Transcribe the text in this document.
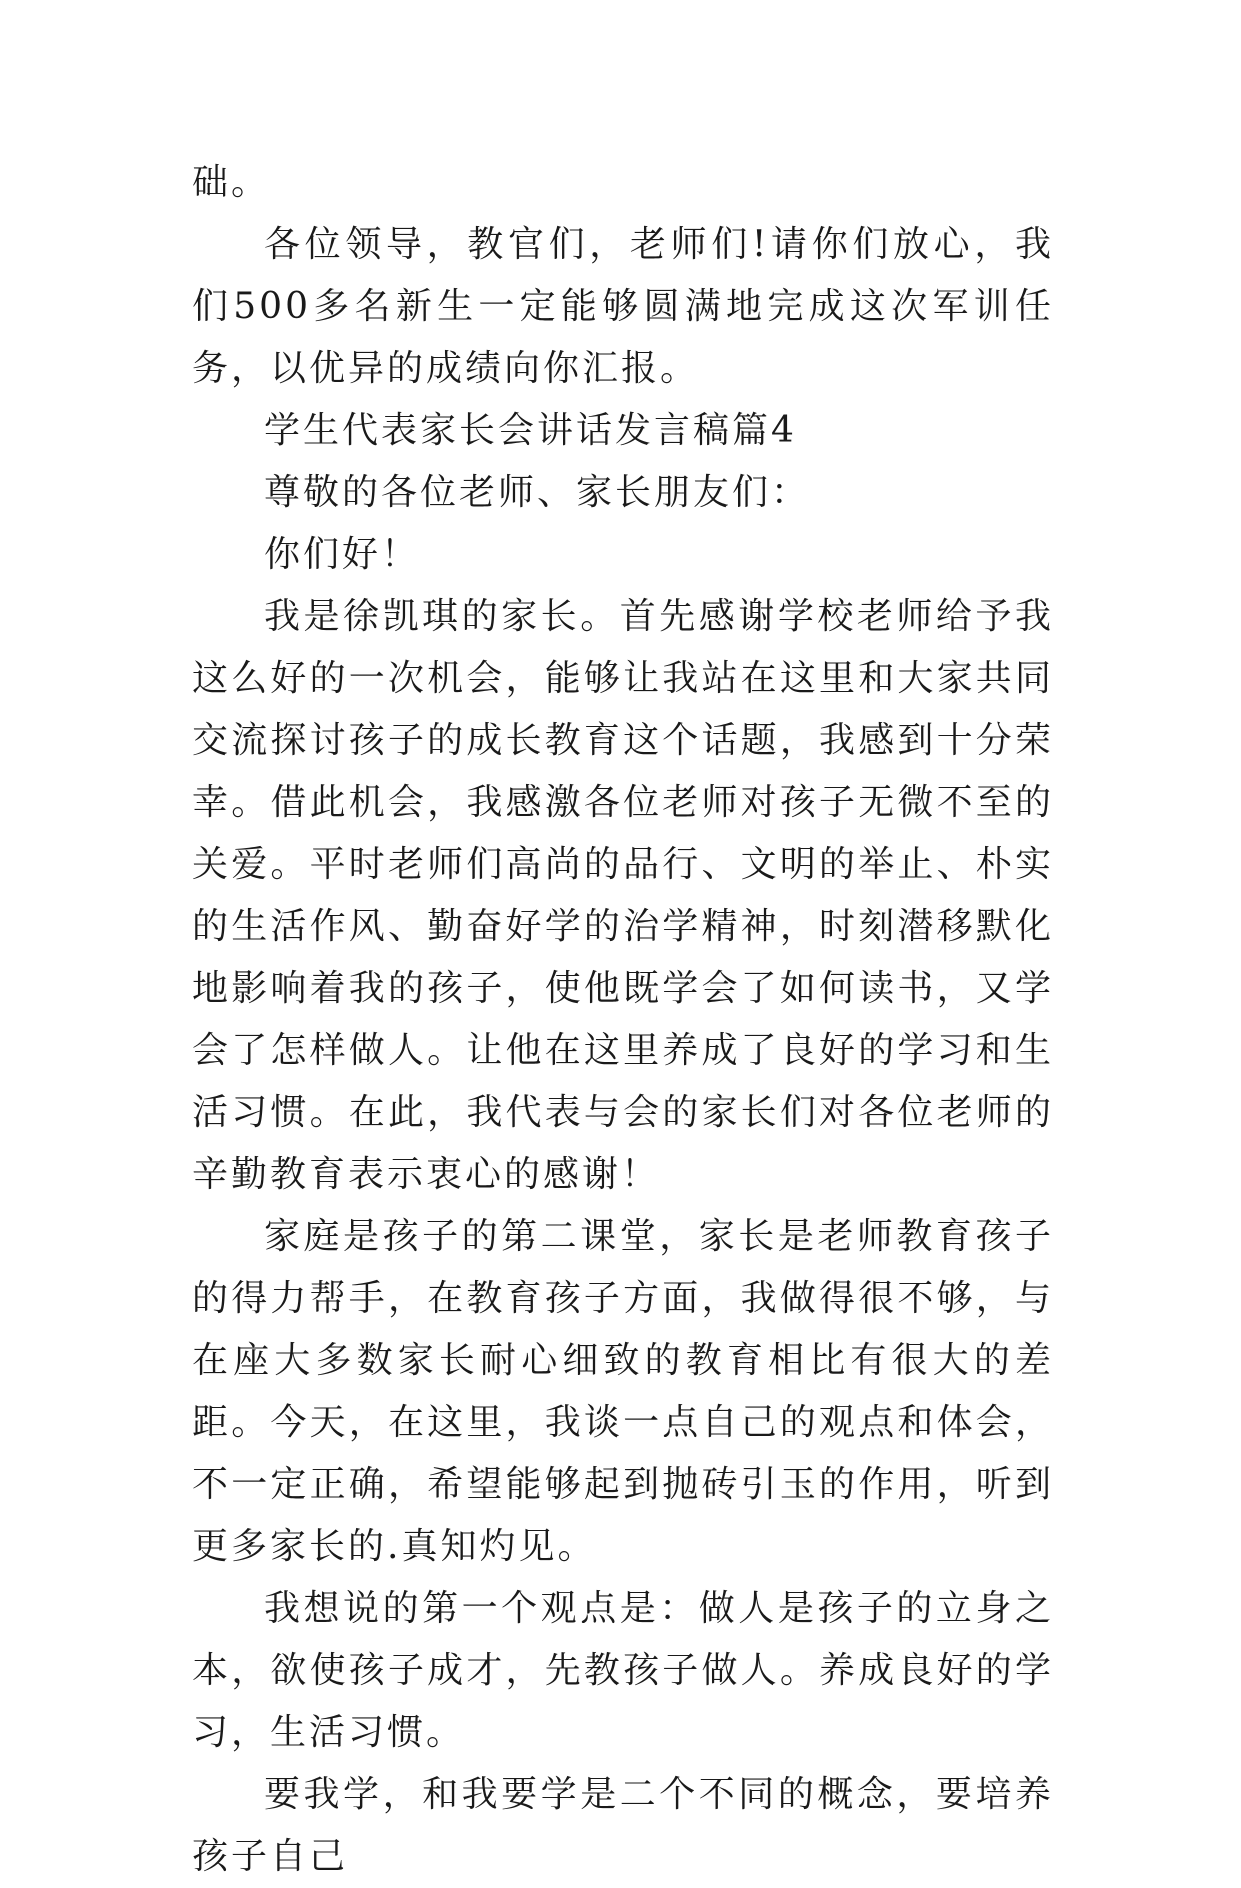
础。

各位领导，教官们，老师们!请你们放心，我们500多名新生一定能够圆满地完成这次军训任务，以优异的成绩向你汇报。

学生代表家长会讲话发言稿篇4

尊敬的各位老师、家长朋友们：

你们好！

我是徐凯琪的家长。首先感谢学校老师给予我这么好的一次机会，能够让我站在这里和大家共同交流探讨孩子的成长教育这个话题，我感到十分荣幸。借此机会，我感激各位老师对孩子无微不至的关爱。平时老师们高尚的品行、文明的举止、朴实的生活作风、勤奋好学的治学精神，时刻潜移默化地影响着我的孩子，使他既学会了如何读书，又学会了怎样做人。让他在这里养成了良好的学习和生活习惯。在此，我代表与会的家长们对各位老师的辛勤教育表示衷心的感谢！

家庭是孩子的第二课堂，家长是老师教育孩子的得力帮手，在教育孩子方面，我做得很不够，与在座大多数家长耐心细致的教育相比有很大的差距。今天，在这里，我谈一点自己的观点和体会，不一定正确，希望能够起到抛砖引玉的作用，听到更多家长的.真知灼见。

我想说的第一个观点是：做人是孩子的立身之本，欲使孩子成才，先教孩子做人。养成良好的学习，生活习惯。

要我学，和我要学是二个不同的概念，要培养孩子自己
